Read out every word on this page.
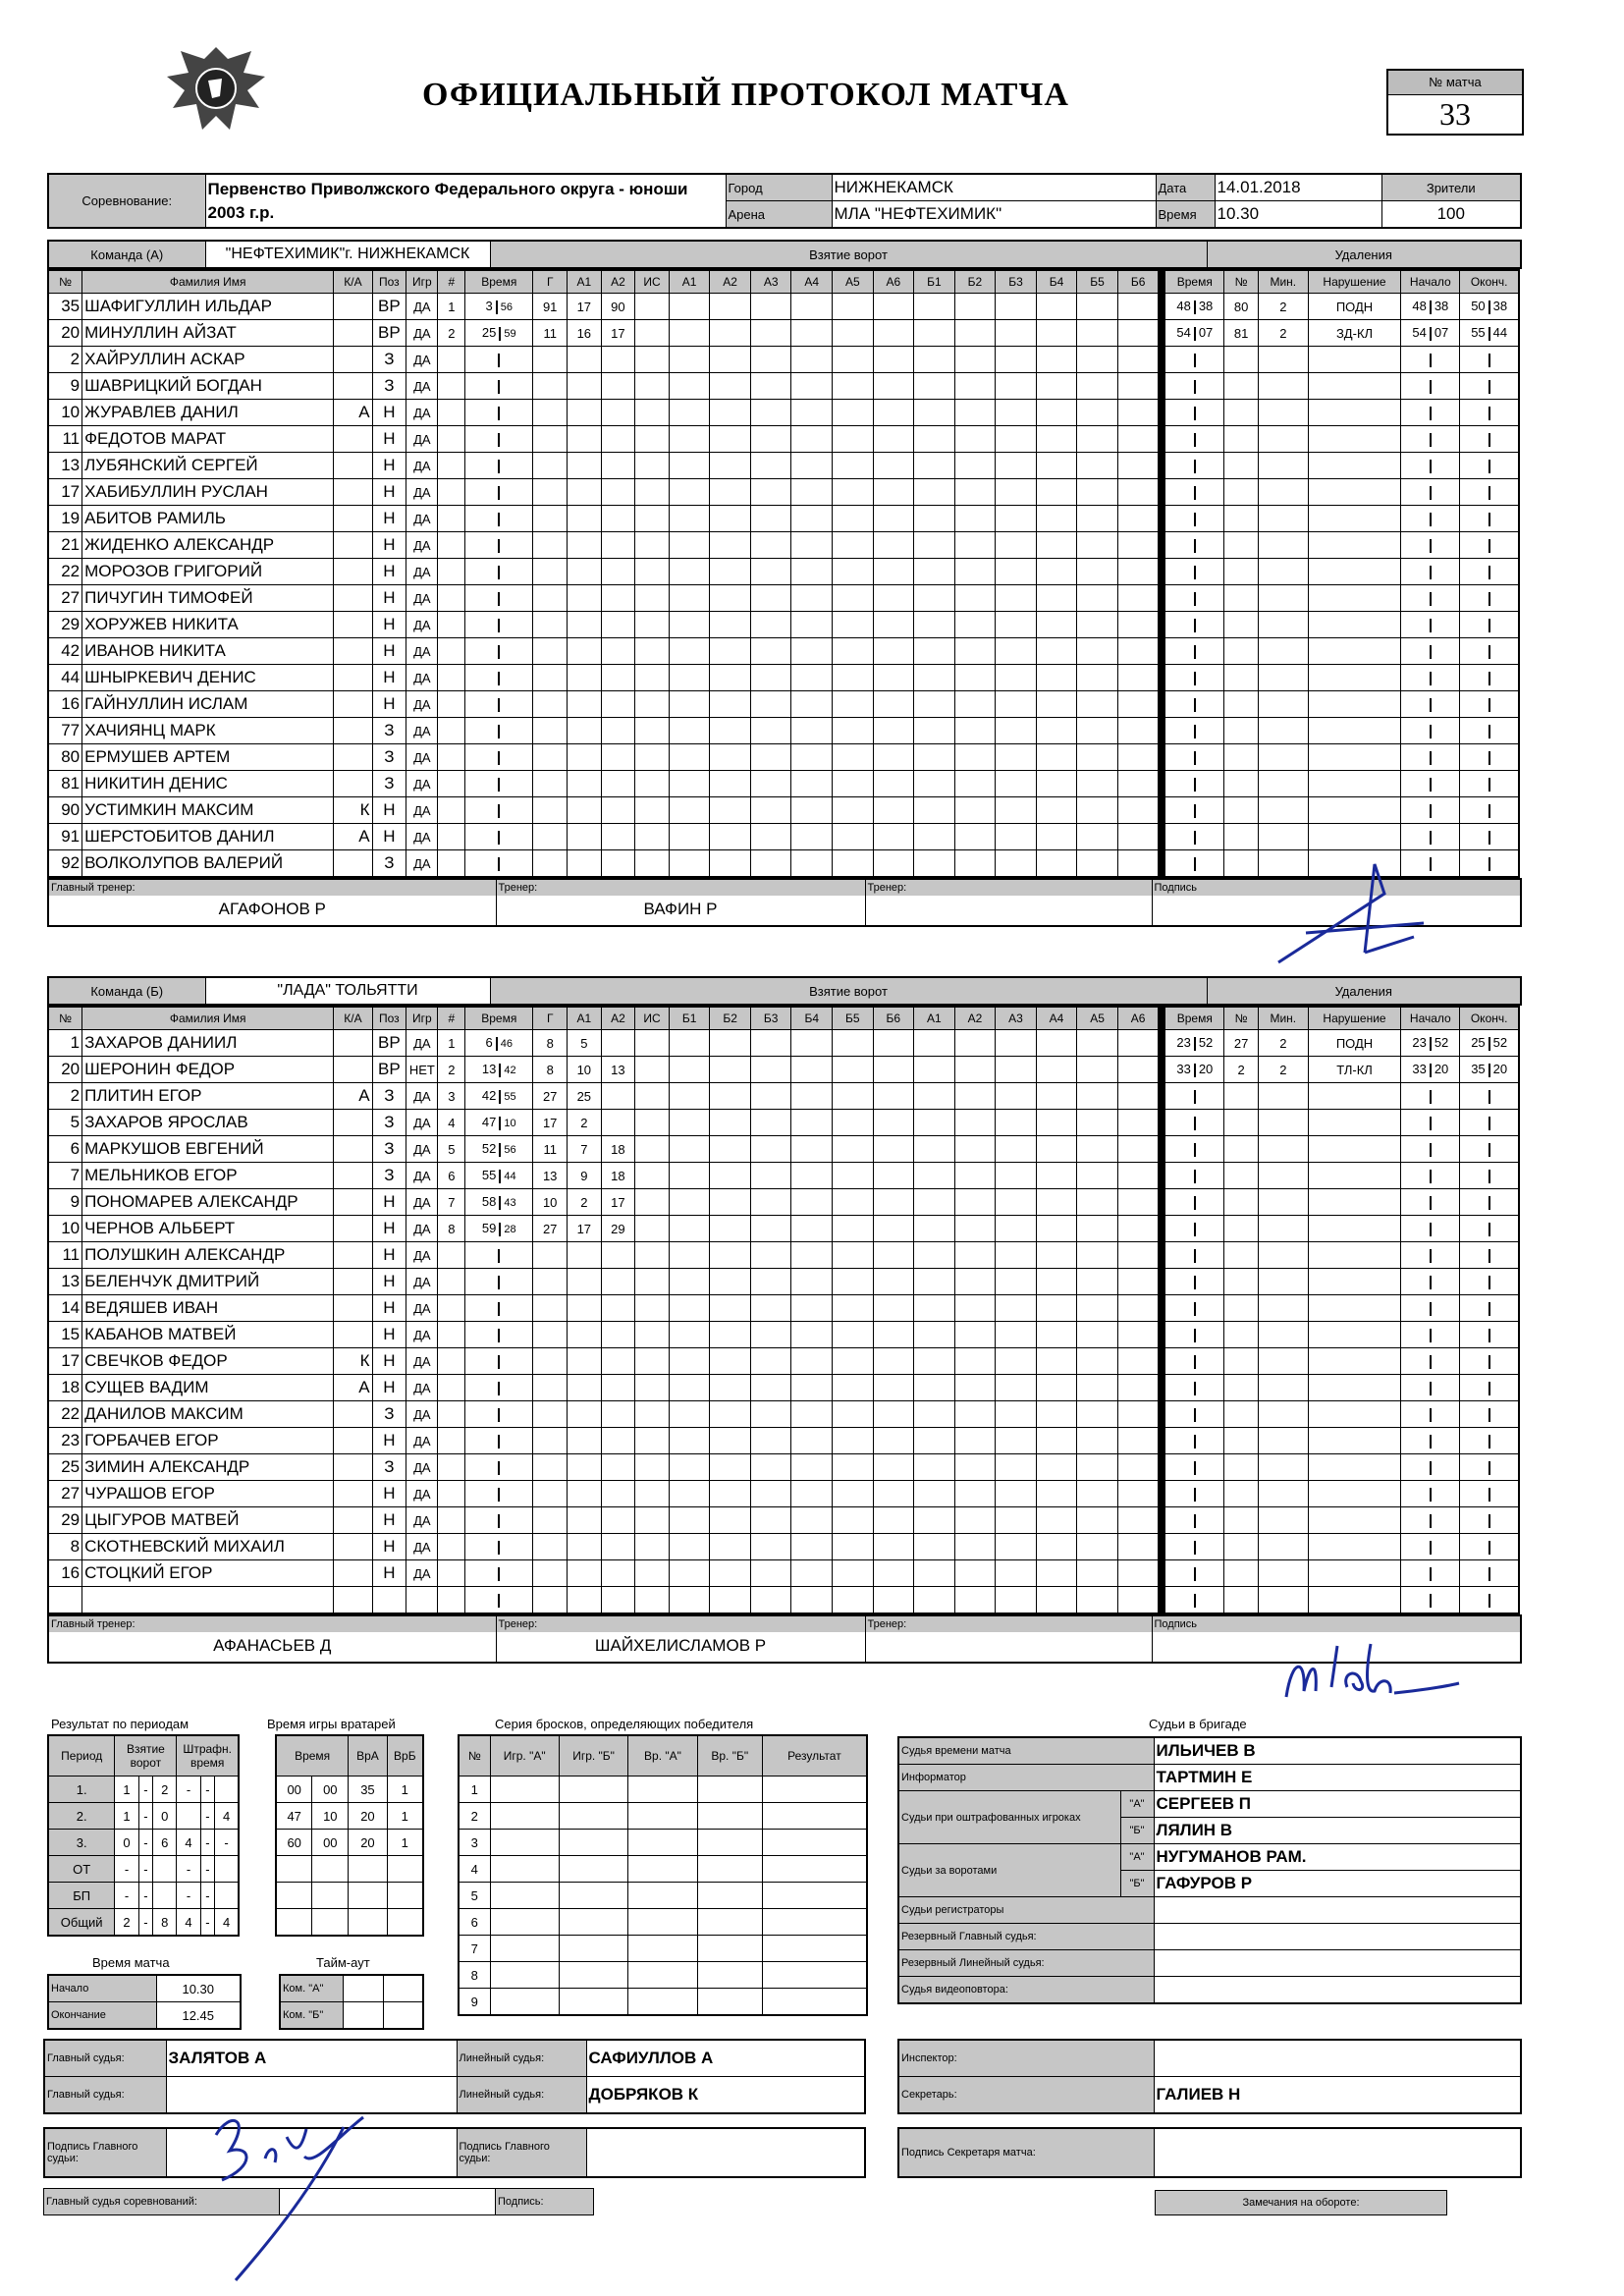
ОФИЦИАЛЬНЫЙ ПРОТОКОЛ МАТЧА	№ матча
33
Соревнование:	Первенство Приволжского Федерального округа - юноши 2003 г.р.	Город	НИЖНЕКАМСК	Дата	14.01.2018	Зрители
		Арена	МЛА "НЕФТЕХИМИК"	Время	10.30	100
Команда (А)	"НЕФТЕХИМИК"г. НИЖНЕКАМСК	Взятие ворот	Удаления
№	Фамилия Имя	К/А	Поз	Игр	#	Время	Г	А1	А2	ИС	А1	А2	А3	А4	А5	А6	Б1	Б2	Б3	Б4	Б5	Б6		Время	№	Мин.	Нарушение	Начало	Оконч.
35	ШАФИГУЛЛИН ИЛЬДАР		ВР	ДА	1	3 56	91	17	90															48 38	80	2	ПОДН	48 38	50 38
20	МИНУЛЛИН АЙЗАТ		ВР	ДА	2	25 59	11	16	17															54 07	81	2	ЗД-КЛ	54 07	55 44
2	ХАЙРУЛЛИН АСКАР		З	ДА																									
9	ШАВРИЦКИЙ БОГДАН		З	ДА																									
10	ЖУРАВЛЕВ ДАНИЛ	А	Н	ДА																									
11	ФЕДОТОВ МАРАТ		Н	ДА																									
13	ЛУБЯНСКИЙ СЕРГЕЙ		Н	ДА																									
17	ХАБИБУЛЛИН РУСЛАН		Н	ДА																									
19	АБИТОВ РАМИЛЬ		Н	ДА																									
21	ЖИДЕНКО АЛЕКСАНДР		Н	ДА																									
22	МОРОЗОВ ГРИГОРИЙ		Н	ДА																									
27	ПИЧУГИН ТИМОФЕЙ		Н	ДА																									
29	ХОРУЖЕВ НИКИТА		Н	ДА																									
42	ИВАНОВ НИКИТА		Н	ДА																									
44	ШНЫРКЕВИЧ ДЕНИС		Н	ДА																									
16	ГАЙНУЛЛИН ИСЛАМ		Н	ДА																									
77	ХАЧИЯНЦ МАРК		З	ДА																									
80	ЕРМУШЕВ АРТЕМ		З	ДА																									
81	НИКИТИН ДЕНИС		З	ДА																									
90	УСТИМКИН МАКСИМ	К	Н	ДА																									
91	ШЕРСТОБИТОВ ДАНИЛ	А	Н	ДА																									
92	ВОЛКОЛУПОВ ВАЛЕРИЙ		З	ДА																									
Главный тренер:
АГАФОНОВ Р

Тренер:
ВАФИН Р

Тренер:	Подпись
Команда (Б)	"ЛАДА" ТОЛЬЯТТИ	Взятие ворот	Удаления
№	Фамилия Имя	К/А	Поз	Игр	#	Время	Г	А1	А2	ИС	Б1	Б2	Б3	Б4	Б5	Б6	А1	А2	А3	А4	А5	А6		Время	№	Мин.	Нарушение	Начало	Оконч.
1	ЗАХАРОВ ДАНИИЛ		ВР	ДА	1	6 46	8	5																23 52	27	2	ПОДН	23 52	25 52
20	ШЕРОНИН ФЕДОР		ВР	НЕТ	2	13 42	8	10	13															33 20	2	2	ТЛ-КЛ	33 20	35 20
2	ПЛИТИН ЕГОР	А	З	ДА	3	42 55	27	25																					
5	ЗАХАРОВ ЯРОСЛАВ		З	ДА	4	47 10	17	2																					
6	МАРКУШОВ ЕВГЕНИЙ		З	ДА	5	52 56	11	7	18																				
7	МЕЛЬНИКОВ ЕГОР		З	ДА	6	55 44	13	9	18																				
9	ПОНОМАРЕВ АЛЕКСАНДР		Н	ДА	7	58 43	10	2	17																				
10	ЧЕРНОВ АЛЬБЕРТ		Н	ДА	8	59 28	27	17	29																				
11	ПОЛУШКИН АЛЕКСАНДР		Н	ДА																									
13	БЕЛЕНЧУК ДМИТРИЙ		Н	ДА																									
14	ВЕДЯШЕВ ИВАН		Н	ДА																									
15	КАБАНОВ МАТВЕЙ		Н	ДА																									
17	СВЕЧКОВ ФЕДОР	К	Н	ДА																									
18	СУЩЕВ ВАДИМ	А	Н	ДА																									
22	ДАНИЛОВ МАКСИМ		З	ДА																									
23	ГОРБАЧЕВ ЕГОР		Н	ДА																									
25	ЗИМИН АЛЕКСАНДР		З	ДА																									
27	ЧУРАШОВ ЕГОР		Н	ДА																									
29	ЦЫГУРОВ МАТВЕЙ		Н	ДА																									
8	СКОТНЕВСКИЙ МИХАИЛ		Н	ДА																									
16	СТОЦКИЙ ЕГОР		Н	ДА																									

Главный тренер:
АФАНАСЬЕВ Д

Тренер:
ШАЙХЕЛИСЛАМОВ Р

Тренер:	Подпись
Результат по периодам
Период	Взятие ворот			Штрафн. время		
1.	1	-	2	-	-	
2.	1	-	0		-	4
3.	0	-	6	4	-	-
ОТ	-	-		-	-	
БП	-	-		-	-	
Общий	2	-	8	4	-	4
Время игры вратарей
Время		ВрА	ВрБ
00	00	35	1
47	10	20	1
60	00	20	1

Серия бросков, определяющих победителя
№	Игр. "А"	Игр. "Б"	Вр. "А"	Вр. "Б"	Результат
1					
2					
3					
4					
5					
6					
7					
8					
9					
Время матча
Начало	10.30
Окончание	12.45
Тайм-аут
Ком. "А"		
Ком. "Б"		
Судьи в бригаде
Судья времени матча		ИЛЬИЧЕВ В
Информатор		ТАРТМИН Е
Судьи при оштрафованных игроках	"А"	СЕРГЕЕВ П
	"Б"	ЛЯЛИН В
Судьи за воротами	"А"	НУГУМАНОВ РАМ.
	"Б"	ГАФУРОВ Р
Судьи регистраторы		
Резервный Главный судья:		
Резервный Линейный судья:		
Судья видеоповтора:		
Инспектор:	
Секретарь:	ГАЛИЕВ Н
Подпись Секретаря матча:	
Главный судья:	ЗАЛЯТОВ А	Линейный судья:	САФИУЛЛОВ А
Главный судья:		Линейный судья:	ДОБРЯКОВ К
Подпись Главного судьи:		Подпись Главного судьи:	
Главный судья соревнований:		Подпись:	Замечания на обороте:
